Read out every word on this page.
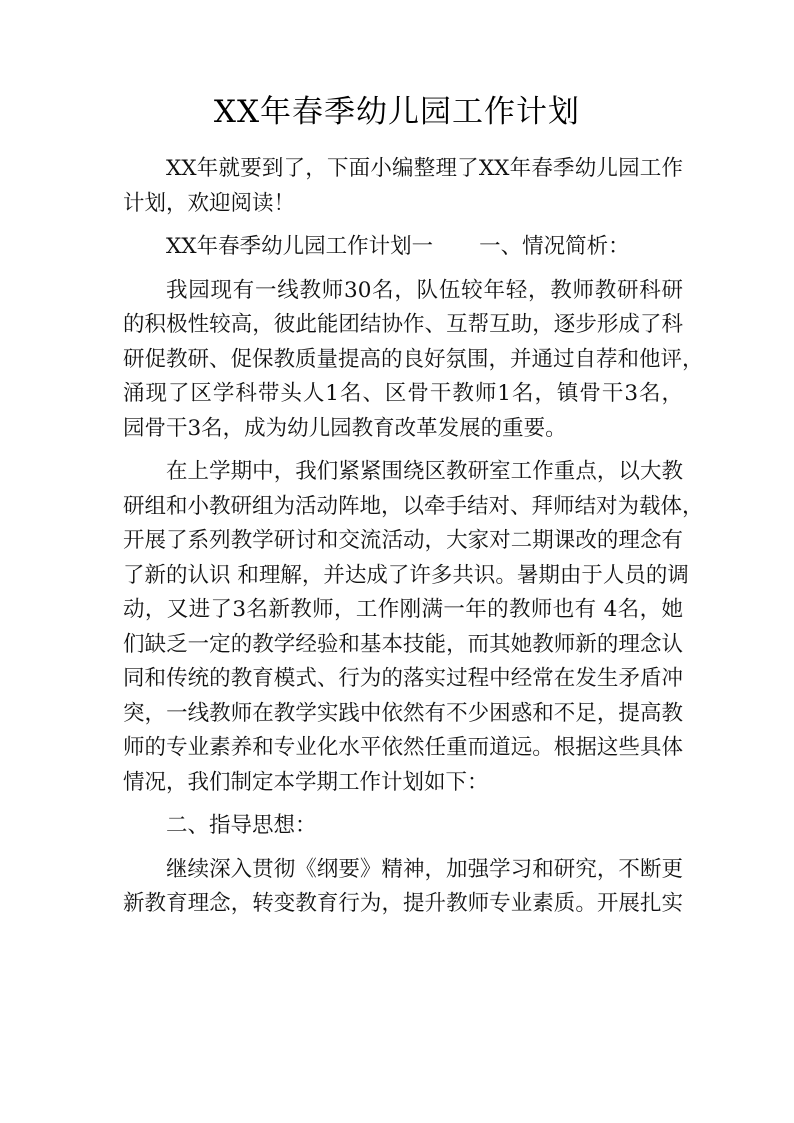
XX年春季幼儿园工作计划
XX年就要到了，下面小编整理了XX年春季幼儿园工作
计划，欢迎阅读！
XX年春季幼儿园工作计划一 一、情况简析：
我园现有一线教师30名，队伍较年轻，教师教研科研
的积极性较高，彼此能团结协作、互帮互助，逐步形成了科
研促教研、促保教质量提高的良好氛围，并通过自荐和他评，
涌现了区学科带头人1名、区骨干教师1名，镇骨干3名，
园骨干3名，成为幼儿园教育改革发展的重要。
在上学期中，我们紧紧围绕区教研室工作重点，以大教
研组和小教研组为活动阵地，以牵手结对、拜师结对为载体，
开展了系列教学研讨和交流活动，大家对二期课改的理念有
了新的认识 和理解，并达成了许多共识。暑期由于人员的调
动，又进了3名新教师，工作刚满一年的教师也有 4名，她
们缺乏一定的教学经验和基本技能，而其她教师新的理念认
同和传统的教育模式、行为的落实过程中经常在发生矛盾冲
突，一线教师在教学实践中依然有不少困惑和不足，提高教
师的专业素养和专业化水平依然任重而道远。根据这些具体
情况，我们制定本学期工作计划如下：
二、指导思想：
继续深入贯彻《纲要》精神，加强学习和研究，不断更
新教育理念，转变教育行为，提升教师专业素质。开展扎实
